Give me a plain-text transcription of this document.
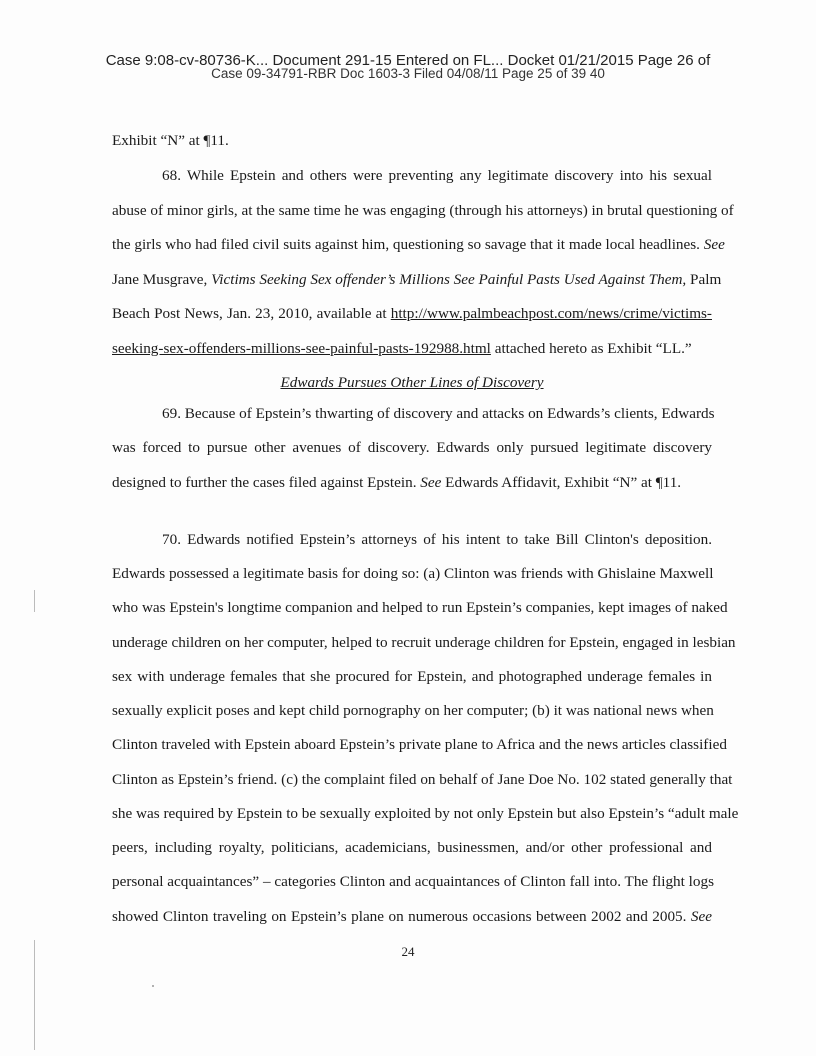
Case 9:08-cv-80736-K... Document 291-15 Entered on FL... Docket 01/21/2015 Page 26 of
Case 09-34791-RBR Doc 1603-3 Filed 04/08/11 Page 25 of 39 40
Exhibit “N” at ¶11.
68. While Epstein and others were preventing any legitimate discovery into his sexual
abuse of minor girls, at the same time he was engaging (through his attorneys) in brutal questioning of
the girls who had filed civil suits against him, questioning so savage that it made local headlines. See
Jane Musgrave, Victims Seeking Sex offender’s Millions See Painful Pasts Used Against Them, Palm
Beach Post News, Jan. 23, 2010, available at http://www.palmbeachpost.com/news/crime/victims-
seeking-sex-offenders-millions-see-painful-pasts-192988.html attached hereto as Exhibit “LL.”
Edwards Pursues Other Lines of Discovery
69. Because of Epstein’s thwarting of discovery and attacks on Edwards’s clients, Edwards
was forced to pursue other avenues of discovery. Edwards only pursued legitimate discovery
designed to further the cases filed against Epstein. See Edwards Affidavit, Exhibit “N” at ¶11.
70. Edwards notified Epstein’s attorneys of his intent to take Bill Clinton's deposition.
Edwards possessed a legitimate basis for doing so: (a) Clinton was friends with Ghislaine Maxwell
who was Epstein's longtime companion and helped to run Epstein’s companies, kept images of naked
underage children on her computer, helped to recruit underage children for Epstein, engaged in lesbian
sex with underage females that she procured for Epstein, and photographed underage females in
sexually explicit poses and kept child pornography on her computer; (b) it was national news when
Clinton traveled with Epstein aboard Epstein’s private plane to Africa and the news articles classified
Clinton as Epstein’s friend. (c) the complaint filed on behalf of Jane Doe No. 102 stated generally that
she was required by Epstein to be sexually exploited by not only Epstein but also Epstein’s “adult male
peers, including royalty, politicians, academicians, businessmen, and/or other professional and
personal acquaintances” – categories Clinton and acquaintances of Clinton fall into. The flight logs
showed Clinton traveling on Epstein’s plane on numerous occasions between 2002 and 2005. See
24
